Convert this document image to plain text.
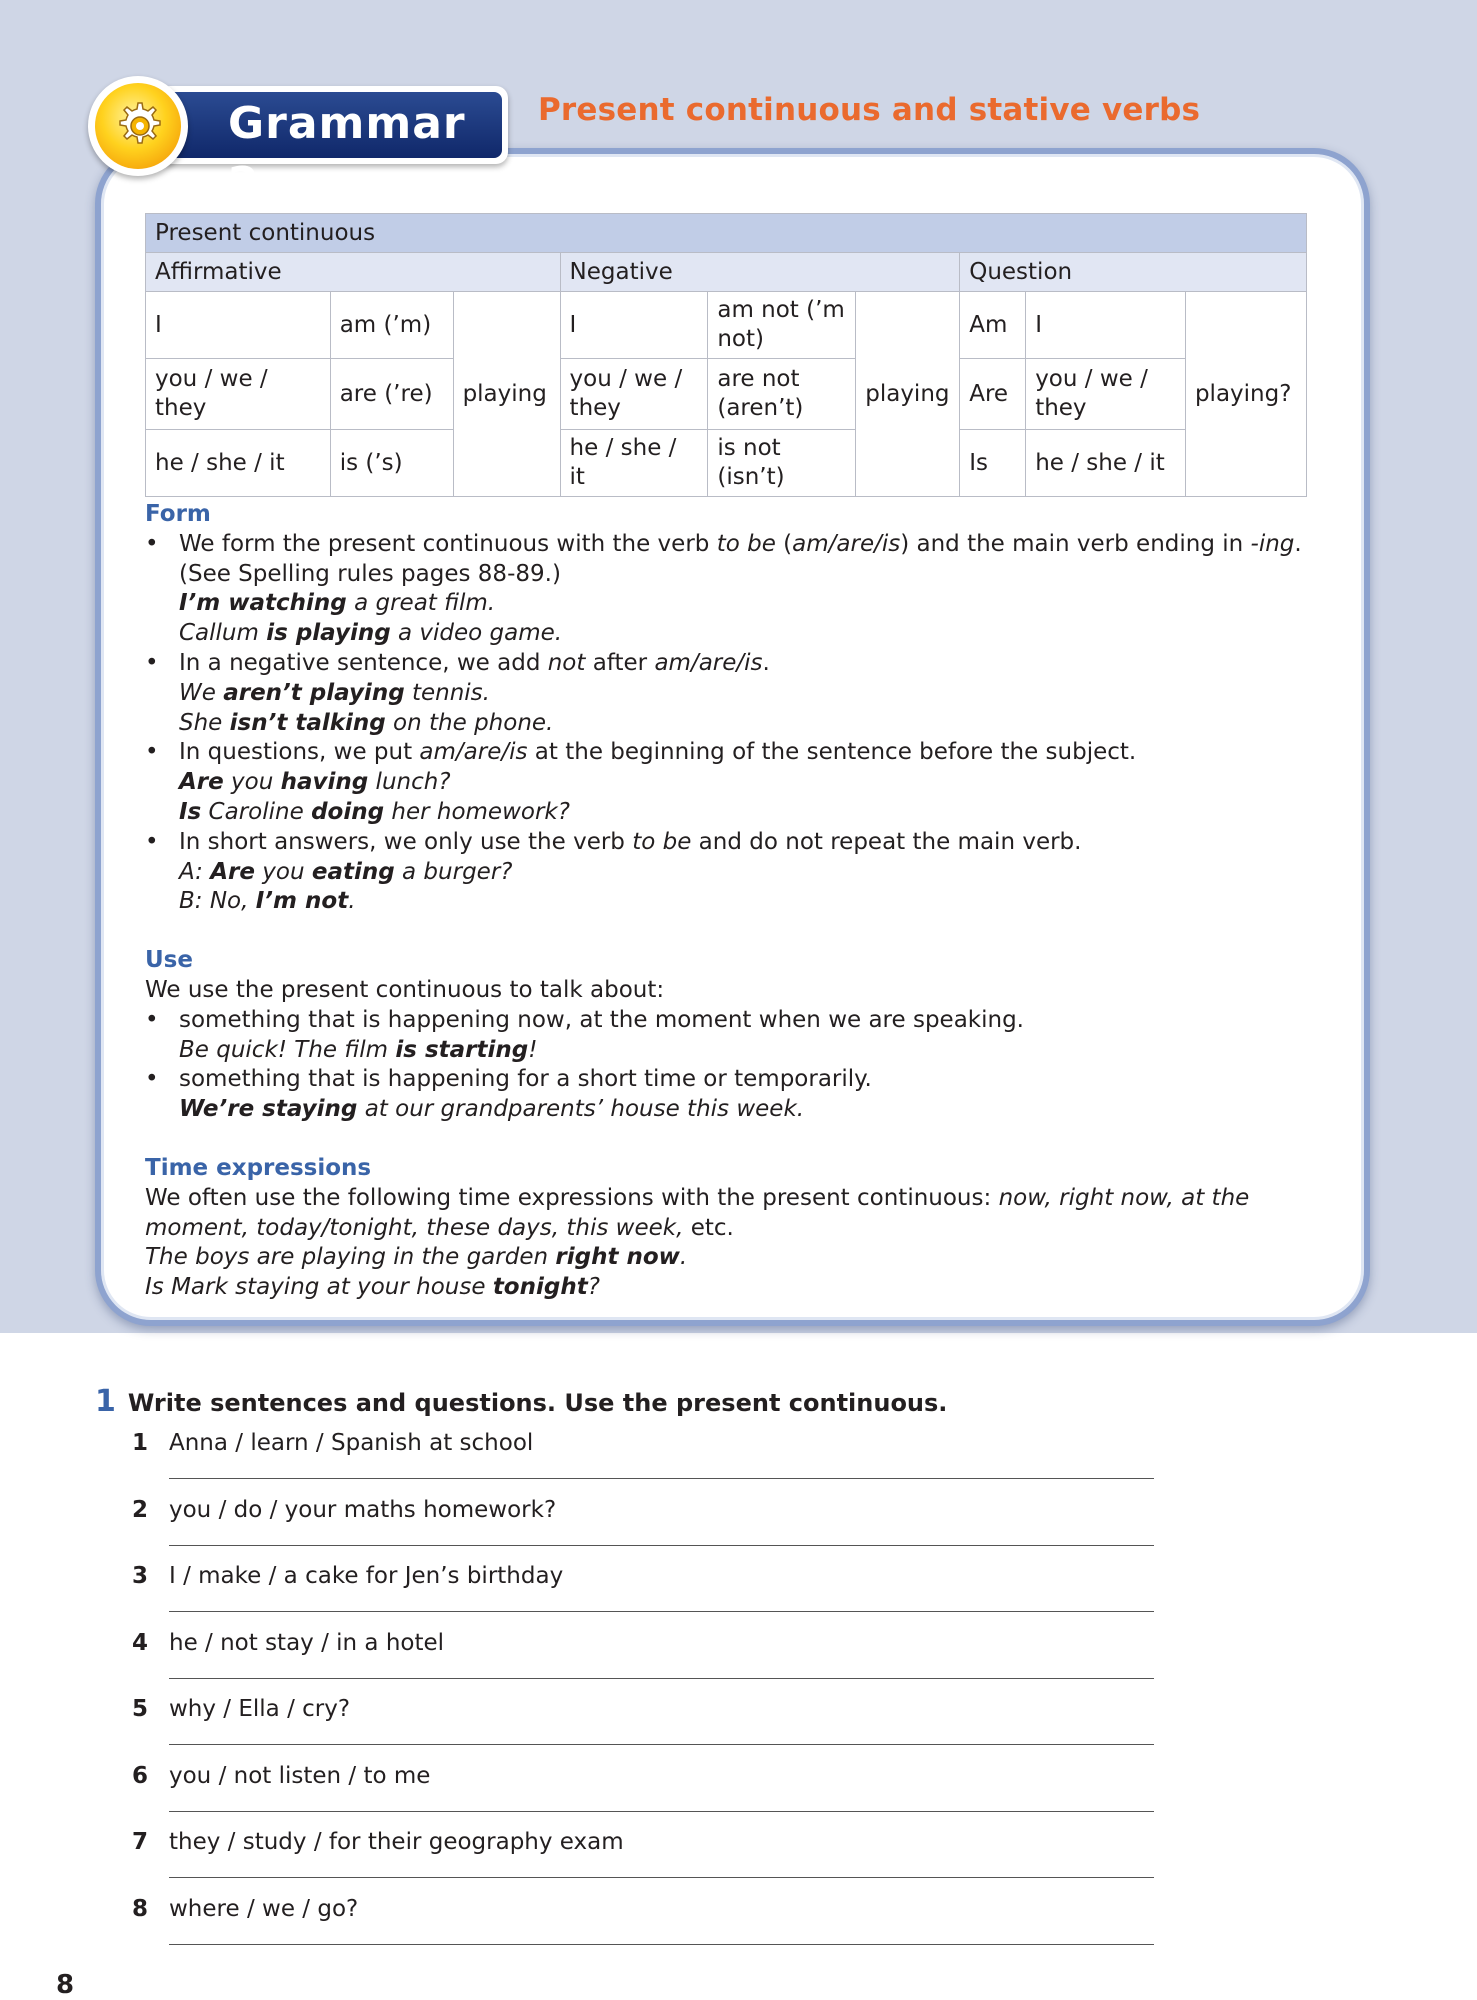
Grammar 2
Present continuous and stative verbs
Present continuous								
Affirmative			Negative			Question		
I	am (’m)	playing	I	am not (’m not)	playing	Am	I	playing?
you / we / they	are (’re)		you / we / they	are not (aren’t)		Are	you / we / they	
he / she / it	is (’s)		he / she / it	is not (isn’t)		Is	he / she / it	

Form

• We form the present continuous with the verb to be (am/are/is) and the main verb ending in -ing.

(See Spelling rules pages 88-89.)

I’m watching a great film.

Callum is playing a video game.

• In a negative sentence, we add not after am/are/is.

We aren’t playing tennis.

She isn’t talking on the phone.

• In questions, we put am/are/is at the beginning of the sentence before the subject.

Are you having lunch?

Is Caroline doing her homework?

• In short answers, we only use the verb to be and do not repeat the main verb.

A: Are you eating a burger?

B: No, I’m not.

Use

We use the present continuous to talk about:

• something that is happening now, at the moment when we are speaking.

Be quick! The film is starting!

• something that is happening for a short time or temporarily.

We’re staying at our grandparents’ house this week.

Time expressions

We often use the following time expressions with the present continuous: now, right now, at the moment, today/tonight, these days, this week, etc.

The boys are playing in the garden right now.

Is Mark staying at your house tonight?

1 Write sentences and questions. Use the present continuous.
1 Anna / learn / Spanish at school
2 you / do / your maths homework?
3 I / make / a cake for Jen’s birthday
4 he / not stay / in a hotel
5 why / Ella / cry?
6 you / not listen / to me
7 they / study / for their geography exam
8 where / we / go?
8
